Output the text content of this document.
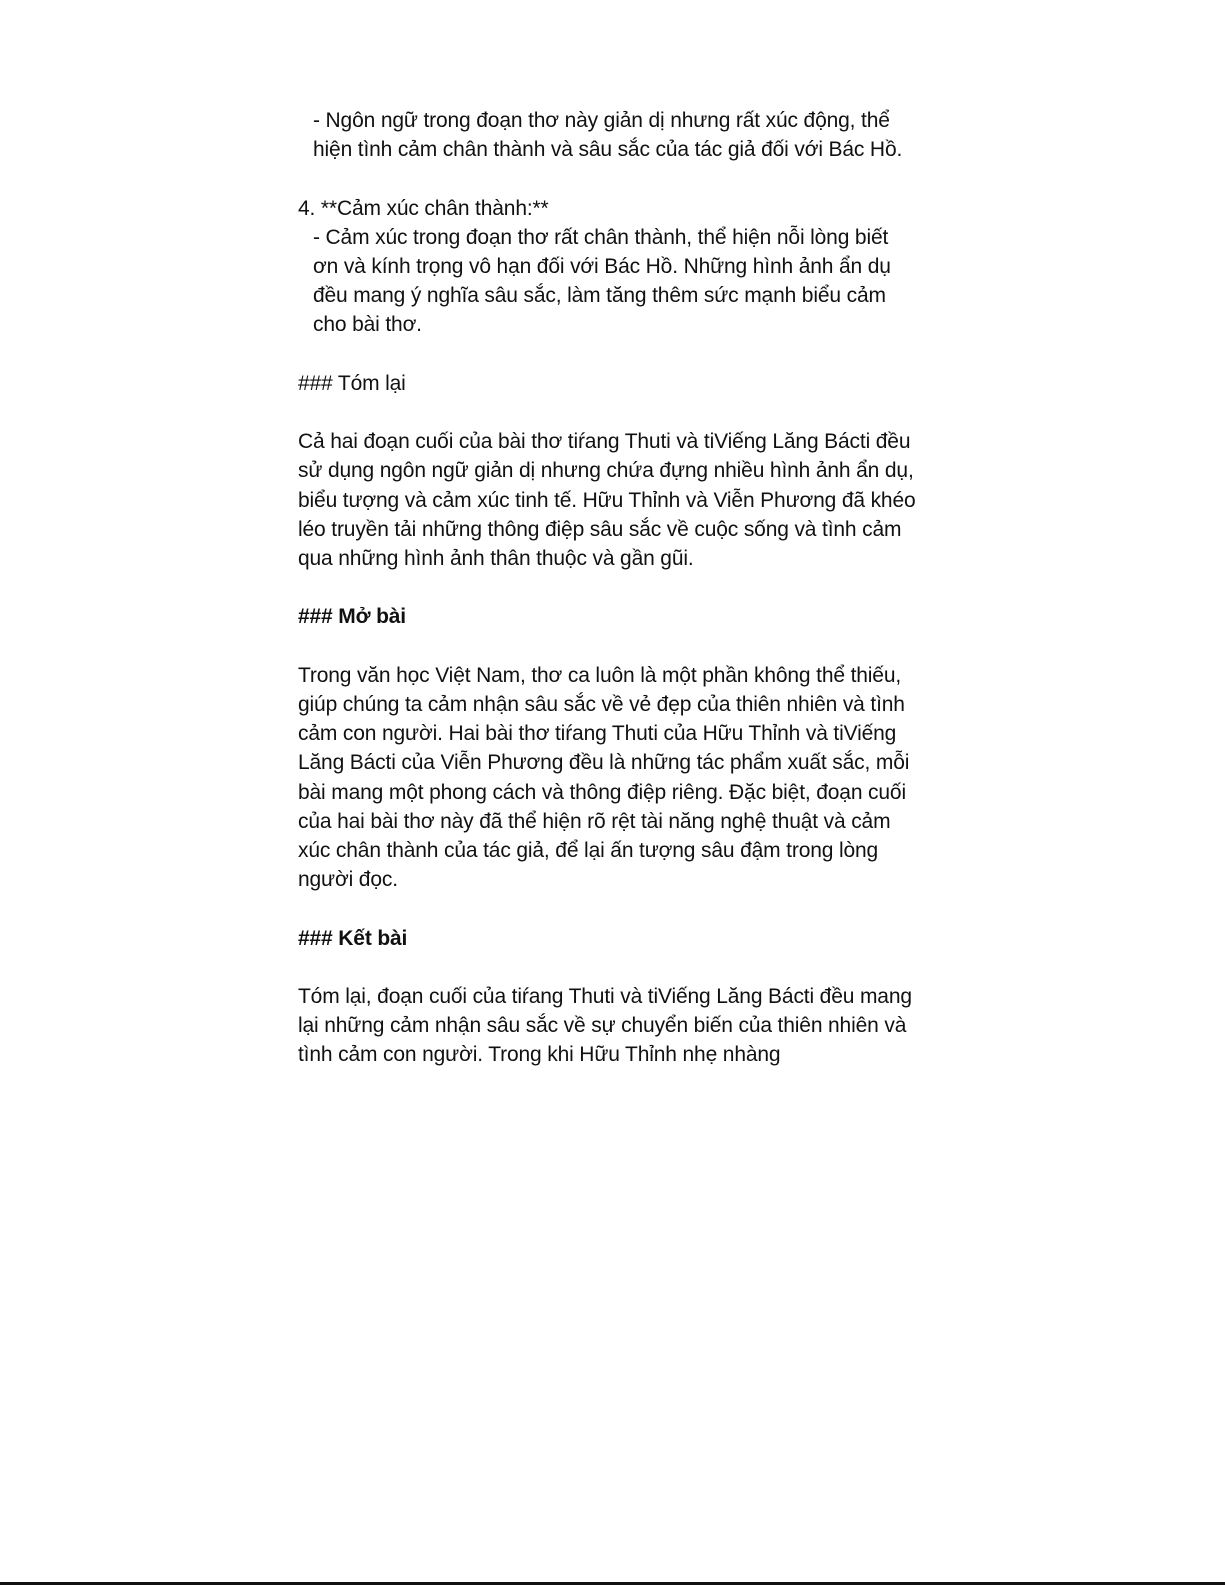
- Ngôn ngữ trong đoạn thơ này giản dị nhưng rất xúc động, thể hiện tình cảm chân thành và sâu sắc của tác giả đối với Bác Hồ.

4. **Cảm xúc chân thành:**

- Cảm xúc trong đoạn thơ rất chân thành, thể hiện nỗi lòng biết ơn và kính trọng vô hạn đối với Bác Hồ. Những hình ảnh ẩn dụ đều mang ý nghĩa sâu sắc, làm tăng thêm sức mạnh biểu cảm cho bài thơ.

### Tóm lại

Cả hai đoạn cuối của bài thơ tiŕang Thuti và tiViếng Lăng Bácti đều sử dụng ngôn ngữ giản dị nhưng chứa đựng nhiều hình ảnh ẩn dụ, biểu tượng và cảm xúc tinh tế. Hữu Thỉnh và Viễn Phương đã khéo léo truyền tải những thông điệp sâu sắc về cuộc sống và tình cảm qua những hình ảnh thân thuộc và gần gũi.

### Mở bài

Trong văn học Việt Nam, thơ ca luôn là một phần không thể thiếu, giúp chúng ta cảm nhận sâu sắc về vẻ đẹp của thiên nhiên và tình cảm con người. Hai bài thơ tiŕang Thuti của Hữu Thỉnh và tiViếng Lăng Bácti của Viễn Phương đều là những tác phẩm xuất sắc, mỗi bài mang một phong cách và thông điệp riêng. Đặc biệt, đoạn cuối của hai bài thơ này đã thể hiện rõ rệt tài năng nghệ thuật và cảm xúc chân thành của tác giả, để lại ấn tượng sâu đậm trong lòng người đọc.

### Kết bài

Tóm lại, đoạn cuối của tiŕang Thuti và tiViếng Lăng Bácti đều mang lại những cảm nhận sâu sắc về sự chuyển biến của thiên nhiên và tình cảm con người. Trong khi Hữu Thỉnh nhẹ nhàng
